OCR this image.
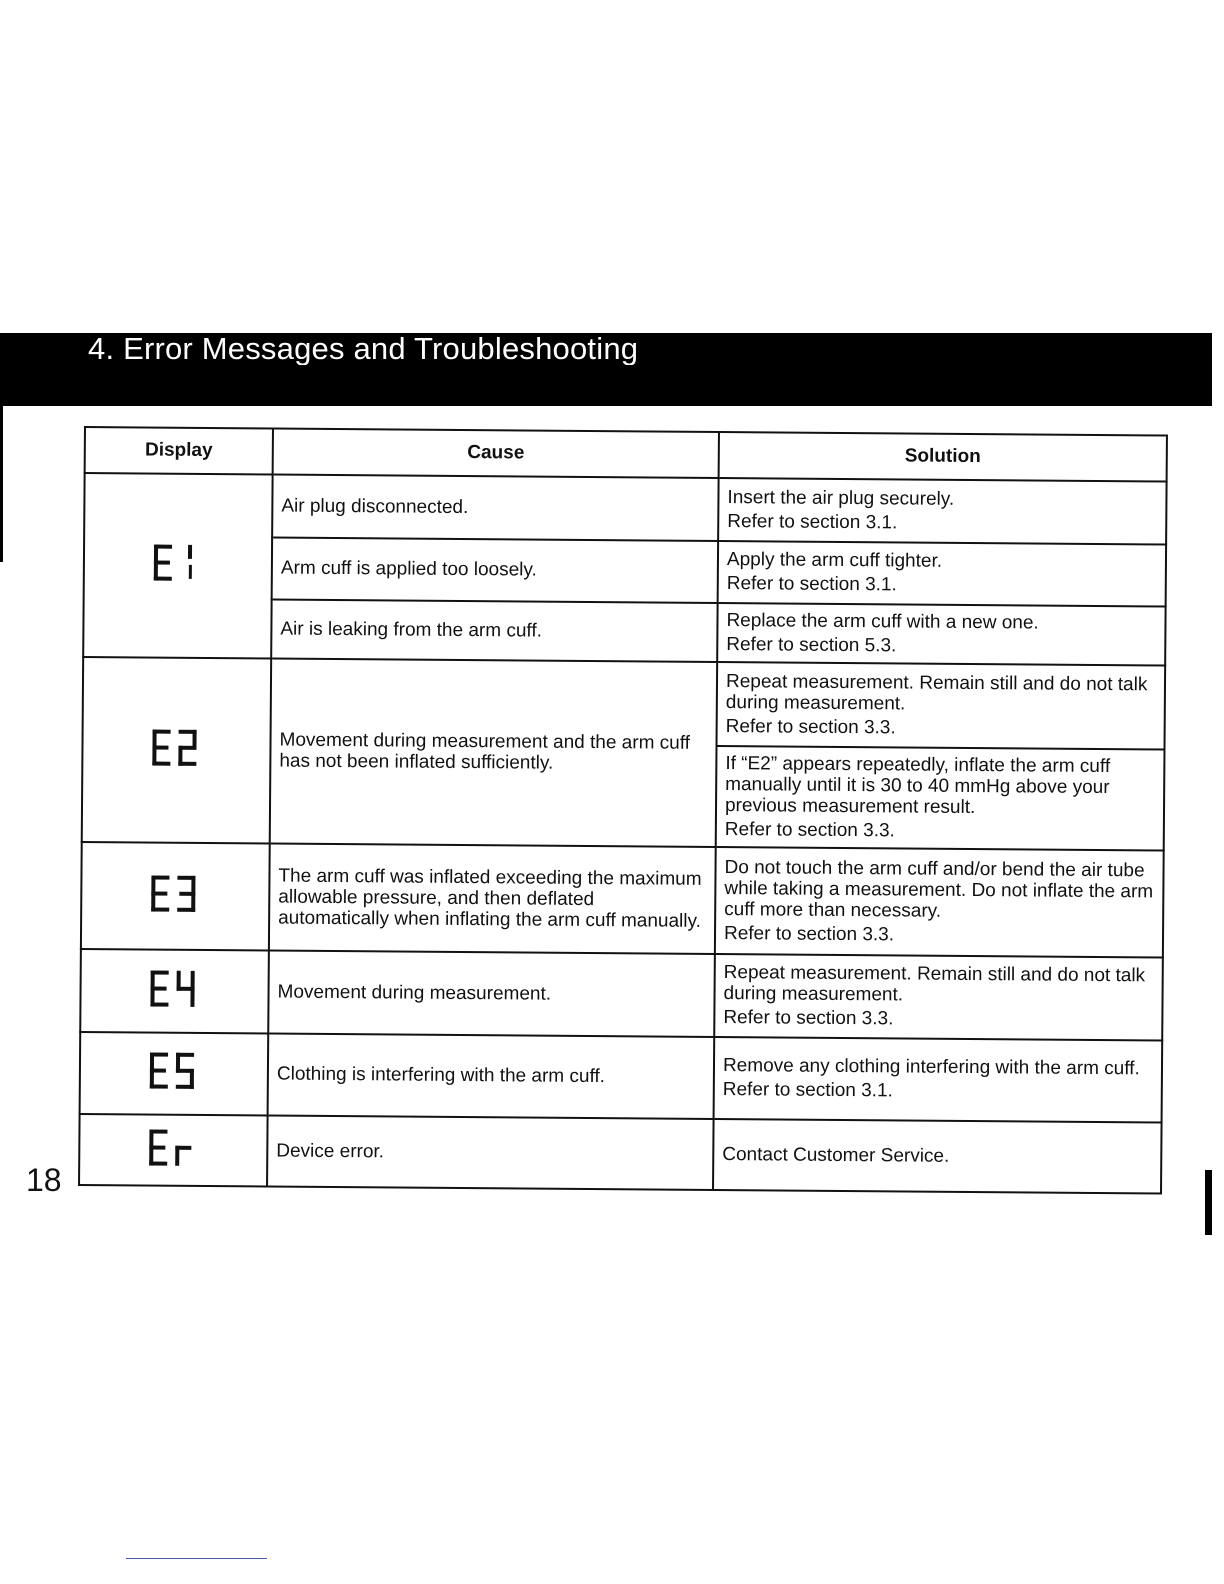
4. Error Messages and Troubleshooting
Display	Cause	Solution
	Air plug disconnected.	Insert the air plug securely.
Refer to section 3.1.

	Arm cuff is applied too loosely.	Apply the arm cuff tighter.
Refer to section 3.1.

	Air is leaking from the arm cuff.	Replace the arm cuff with a new one.
Refer to section 5.3.

	Movement during measurement and the arm cuff has not been inflated sufficiently.	Repeat measurement. Remain still and do not talk during measurement.
Refer to section 3.3.

		If “E2” appears repeatedly, inflate the arm cuff manually until it is 30 to 40 mmHg above your previous measurement result.
Refer to section 3.3.

	The arm cuff was inflated exceeding the maximum allowable pressure, and then deflated automatically when inflating the arm cuff manually.	Do not touch the arm cuff and/or bend the air tube while taking a measurement. Do not inflate the arm cuff more than necessary.
Refer to section 3.3.

	Movement during measurement.	Repeat measurement. Remain still and do not talk during measurement.
Refer to section 3.3.

	Clothing is interfering with the arm cuff.	Remove any clothing interfering with the arm cuff.
Refer to section 3.1.

	Device error.	Contact Customer Service.
18
